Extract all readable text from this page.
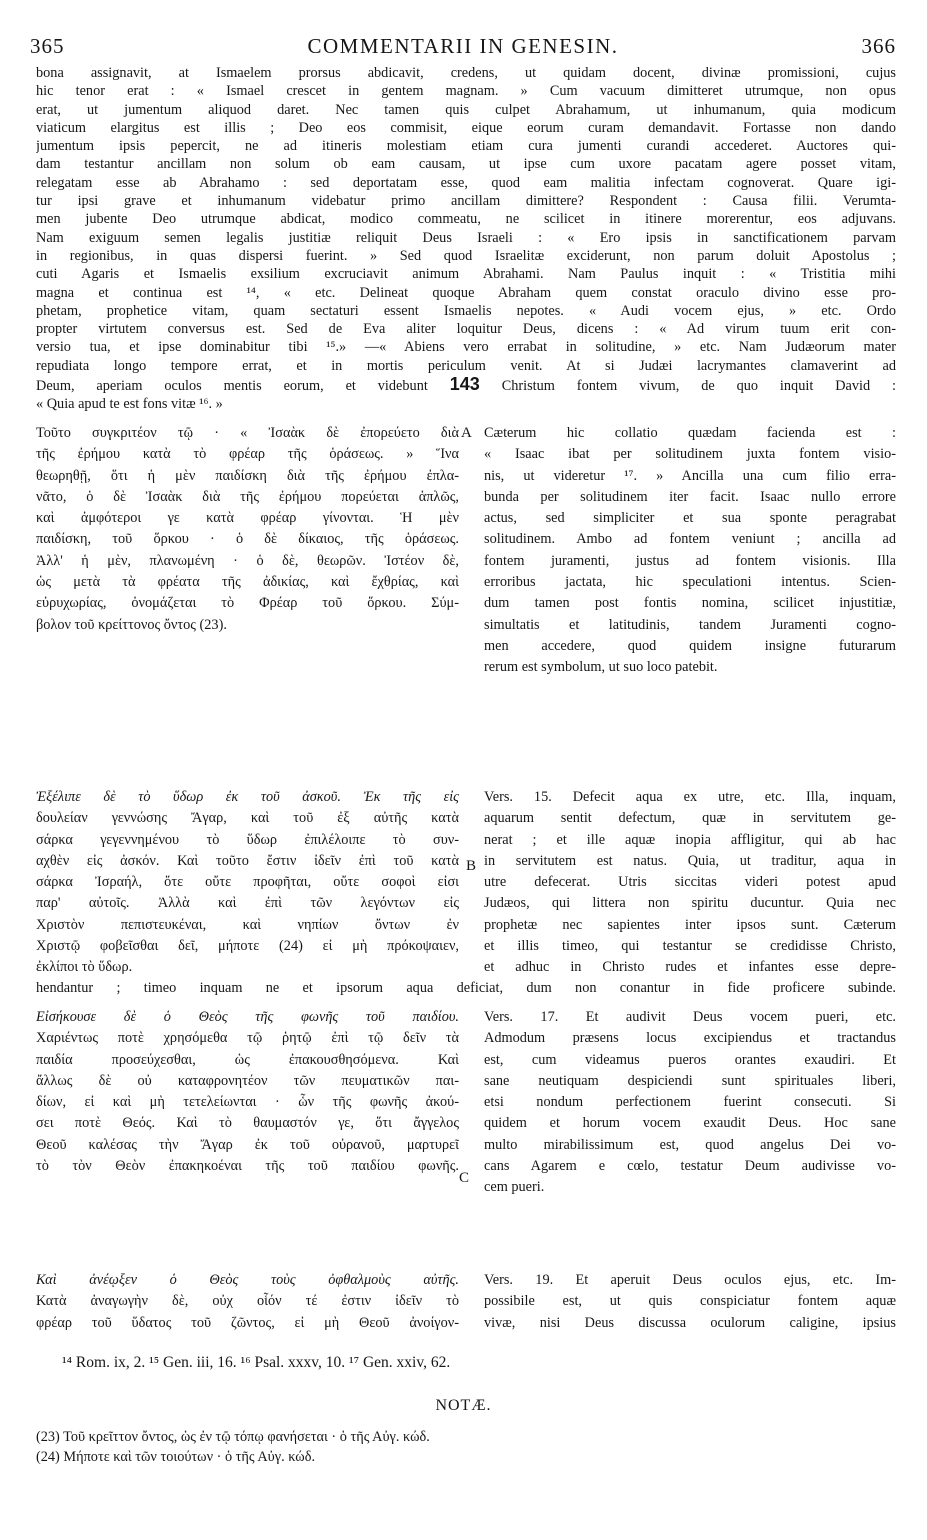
365	COMMENTARII IN GENESIN.	366
bona assignavit, at Ismaelem prorsus abdicavit, credens, ut quidam docent, divinæ promissioni, cujus
hic tenor erat : « Ismael crescet in gentem magnam. » Cum vacuum dimitteret utrumque, non opus
erat, ut jumentum aliquod daret. Nec tamen quis culpet Abrahamum, ut inhumanum, quia modicum
viaticum elargitus est illis ; Deo eos commisit, eique eorum curam demandavit. Fortasse non dando
jumentum ipsis pepercit, ne ad itineris molestiam etiam cura jumenti curandi accederet. Auctores qui-
dam testantur ancillam non solum ob eam causam, ut ipse cum uxore pacatam agere posset vitam,
relegatam esse ab Abrahamo : sed deportatam esse, quod eam malitia infectam cognoverat. Quare igi-
tur ipsi grave et inhumanum videbatur primo ancillam dimittere? Respondent : Causa filii. Verumta-
men jubente Deo utrumque abdicat, modico commeatu, ne scilicet in itinere morerentur, eos adjuvans.
Nam exiguum semen legalis justitiæ reliquit Deus Israeli : « Ero ipsis in sanctificationem parvam
in regionibus, in quas dispersi fuerint. » Sed quod Israelitæ exciderunt, non parum doluit Apostolus ;
cuti Agaris et Ismaelis exsilium excruciavit animum Abrahami. Nam Paulus inquit : « Tristitia mihi
magna et continua est ¹⁴, « etc. Delineat quoque Abraham quem constat oraculo divino esse pro-
phetam, prophetice vitam, quam sectaturi essent Ismaelis nepotes. « Audi vocem ejus, » etc. Ordo
propter virtutem conversus est. Sed de Eva aliter loquitur Deus, dicens : « Ad virum tuum erit con-
versio tua, et ipse dominabitur tibi ¹⁵.» —« Abiens vero errabat in solitudine, » etc. Nam Judæorum mater
repudiata longo tempore errat, et in mortis periculum venit. At si Judæi lacrymantes clamaverint ad
Deum, aperiam oculos mentis eorum, et videbunt 143 Christum fontem vivum, de quo inquit David :
« Quia apud te est fons vitæ ¹⁶. »
Τοῦτο συγκριτέον τῷ · « Ἰσαὰκ δὲ ἐπορεύετο διὰ
τῆς ἐρήμου κατὰ τὸ φρέαρ τῆς ὁράσεως. » Ἵνα
θεωρηθῇ, ὅτι ἡ μὲν παιδίσκη διὰ τῆς ἐρήμου ἐπλα-
νᾶτο, ὁ δὲ Ἰσαὰκ διὰ τῆς ἐρήμου πορεύεται ἁπλῶς,
καὶ ἀμφότεροι γε κατὰ φρέαρ γίνονται. Ἡ μὲν
παιδίσκη, τοῦ ὅρκου · ὁ δὲ δίκαιος, τῆς ὁράσεως.
Ἀλλ' ἡ μὲν, πλανωμένη · ὁ δὲ, θεωρῶν. Ἰστέον δὲ,
ὡς μετὰ τὰ φρέατα τῆς ἀδικίας, καὶ ἔχθρίας, καὶ
εὐρυχωρίας, ὀνομάζεται τὸ Φρέαρ τοῦ ὅρκου. Σύμ-
βολον τοῦ κρείττονος ὄντος (23).
Cæterum hic collatio quædam facienda est :
« Isaac ibat per solitudinem juxta fontem visio-
nis, ut videretur ¹⁷. » Ancilla una cum filio erra-
bunda per solitudinem iter facit. Isaac nullo errore
actus, sed simpliciter et sua sponte peragrabat
solitudinem. Ambo ad fontem veniunt ; ancilla ad
fontem juramenti, justus ad fontem visionis. Illa
erroribus jactata, hic speculationi intentus. Scien-
dum tamen post fontis nomina, scilicet injustitiæ,
simultatis et latitudinis, tandem Juramenti cogno-
men accedere, quod quidem insigne futurarum
rerum est symbolum, ut suo loco patebit.
A
Ἐξέλιπε δὲ τὸ ὕδωρ ἐκ τοῦ ἀσκοῦ. Ἐκ τῆς εἰς
δουλείαν γεννώσης Ἄγαρ, καὶ τοῦ ἐξ αὐτῆς κατὰ
σάρκα γεγεννημένου τὸ ὕδωρ ἐπιλέλοιπε τὸ συν-
αχθὲν εἰς ἀσκόν. Καὶ τοῦτο ἔστιν ἰδεῖν ἐπὶ τοῦ κατὰ
σάρκα Ἰσραήλ, ὅτε οὔτε προφῆται, οὔτε σοφοὶ εἰσι
παρ' αὐτοῖς. Ἀλλὰ καὶ ἐπὶ τῶν λεγόντων εἰς
Χριστὸν πεπιστευκέναι, καὶ νηπίων ὄντων ἐν
Χριστῷ φοβεῖσθαι δεῖ, μήποτε (24) εἰ μὴ πρόκοψαιεν,
ἐκλίποι τὸ ὕδωρ.
Vers. 15. Defecit aqua ex utre, etc. Illa, inquam,
aquarum sentit defectum, quæ in servitutem ge-
nerat ; et ille aquæ inopia affligitur, qui ab hac
in servitutem est natus. Quia, ut traditur, aqua in
utre defecerat. Utris siccitas videri potest apud
Judæos, qui littera non spiritu ducuntur. Quia nec
prophetæ nec sapientes inter ipsos sunt. Cæterum
et illis timeo, qui testantur se credidisse Christo,
et adhuc in Christo rudes et infantes esse depre-
B
hendantur ; timeo inquam ne et ipsorum aqua deficiat, dum non conantur in fide proficere subinde.
Εἰσήκουσε δὲ ὁ Θεὸς τῆς φωνῆς τοῦ παιδίου.
Χαριέντως ποτὲ χρησόμεθα τῷ ῥητῷ ἐπὶ τῷ δεῖν τὰ
παιδία προσεύχεσθαι, ὡς ἐπακουσθησόμενα. Καὶ
ἄλλως δὲ οὐ καταφρονητέον τῶν πευματικῶν παι-
δίων, εἰ καὶ μὴ τετελείωνται · ὧν τῆς φωνῆς ἀκού-
σει ποτὲ Θεός. Καὶ τὸ θαυμαστόν γε, ὅτι ἄγγελος
Θεοῦ καλέσας τὴν Ἄγαρ ἐκ τοῦ οὐρανοῦ, μαρτυρεῖ
τὸ τὸν Θεὸν ἐπακηκοέναι τῆς τοῦ παιδίου φωνῆς.
Vers. 17. Et audivit Deus vocem pueri, etc.
Admodum præsens locus excipiendus et tractandus
est, cum videamus pueros orantes exaudiri. Et
sane neutiquam despiciendi sunt spirituales liberi,
etsi nondum perfectionem fuerint consecuti. Si
quidem et horum vocem exaudit Deus. Hoc sane
multo mirabilissimum est, quod angelus Dei vo-
cans Agarem e cœlo, testatur Deum audivisse vo-
cem pueri.
C
Καὶ ἀνέῳξεν ὁ Θεὸς τοὺς ὀφθαλμοὺς αὐτῆς.
Κατὰ ἀναγωγὴν δὲ, οὐχ οἷόν τέ ἐστιν ἰδεῖν τὸ
φρέαρ τοῦ ὕδατος τοῦ ζῶντος, εἰ μὴ Θεοῦ ἀνοίγον-
Vers. 19. Et aperuit Deus oculos ejus, etc. Im-
possibile est, ut quis conspiciatur fontem aquæ
vivæ, nisi Deus discussa oculorum caligine, ipsius
¹⁴ Rom. ix, 2. ¹⁵ Gen. iii, 16. ¹⁶ Psal. xxxv, 10. ¹⁷ Gen. xxiv, 62.
NOTÆ.
(23) Τοῦ κρεῖττον ὄντος, ὡς ἐν τῷ τόπῳ φανήσεται · ὁ τῆς Αὐγ. κώδ.
(24) Μήποτε καὶ τῶν τοιούτων · ὁ τῆς Αὐγ. κώδ.
